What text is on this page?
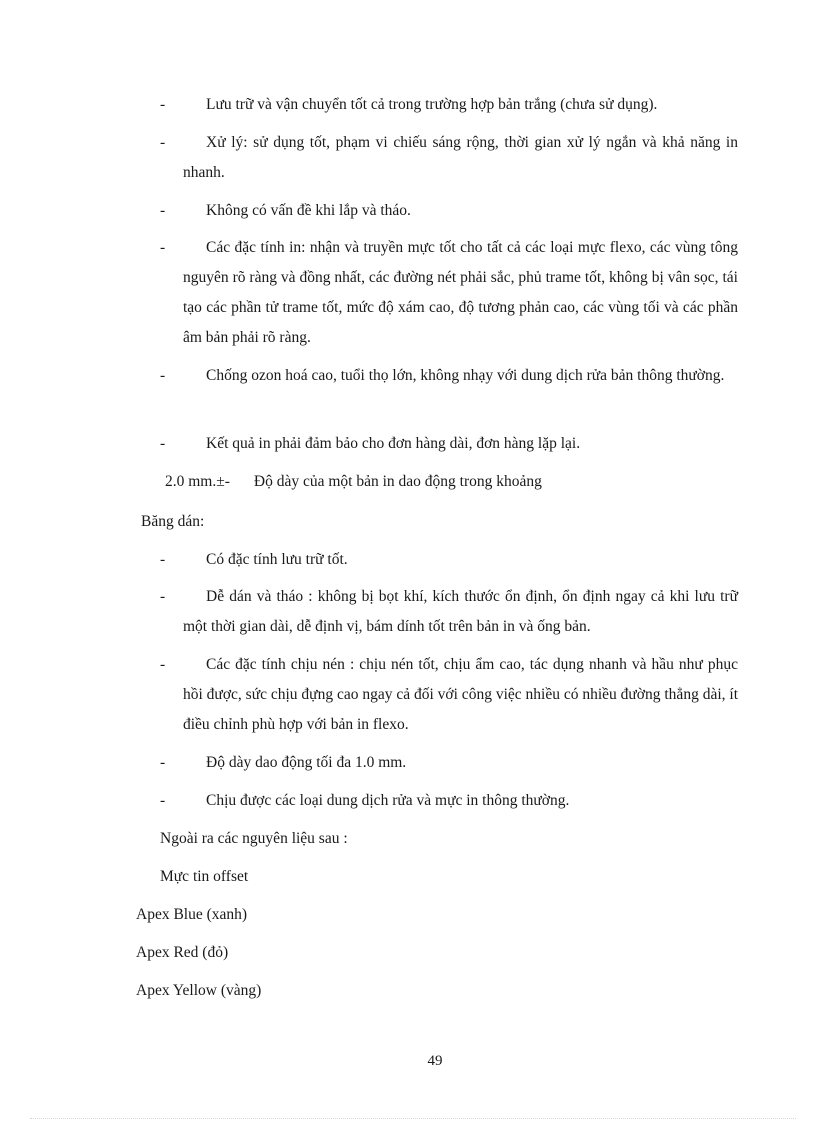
-	Lưu trữ và vận chuyển tốt cả trong trường hợp bản trắng (chưa sử dụng).
-	Xử lý: sử dụng tốt, phạm vi chiếu sáng rộng, thời gian xử lý ngắn và khả năng in nhanh.
-	Không có vấn đề khi lắp và tháo.
-	Các đặc tính in: nhận và truyền mực tốt cho tất cả các loại mực flexo, các vùng tông nguyên rõ ràng và đồng nhất, các đường nét phải sắc, phủ trame tốt, không bị vân sọc, tái tạo các phần tử trame tốt, mức độ xám cao, độ tương phản cao, các vùng tối và các phần âm bản phải rõ ràng.
-	Chống ozon hoá cao, tuổi thọ lớn, không nhạy với dung dịch rửa bản thông thường.
-	Kết quả in phải đảm bảo cho đơn hàng dài, đơn hàng lặp lại.
2.0 mm.±- Độ dày của một bản in dao động trong khoảng
Băng dán:
-	Có đặc tính lưu trữ tốt.
-	Dễ dán và tháo : không bị bọt khí, kích thước ổn định, ổn định ngay cả khi lưu trữ một thời gian dài, dễ định vị, bám dính tốt trên bản in và ống bản.
-	Các đặc tính chịu nén : chịu nén tốt, chịu ẩm cao, tác dụng nhanh và hầu như phục hồi được, sức chịu đựng cao ngay cả đối với công việc nhiều có nhiều đường thẳng dài, ít điều chỉnh phù hợp với bản in flexo.
-	Độ dày dao động tối đa 1.0 mm.
-	Chịu được các loại dung dịch rửa và mực in thông thường.
Ngoài ra các nguyên liệu sau :
Mực tin offset
Apex Blue (xanh)
Apex Red (đỏ)
Apex Yellow (vàng)
49
